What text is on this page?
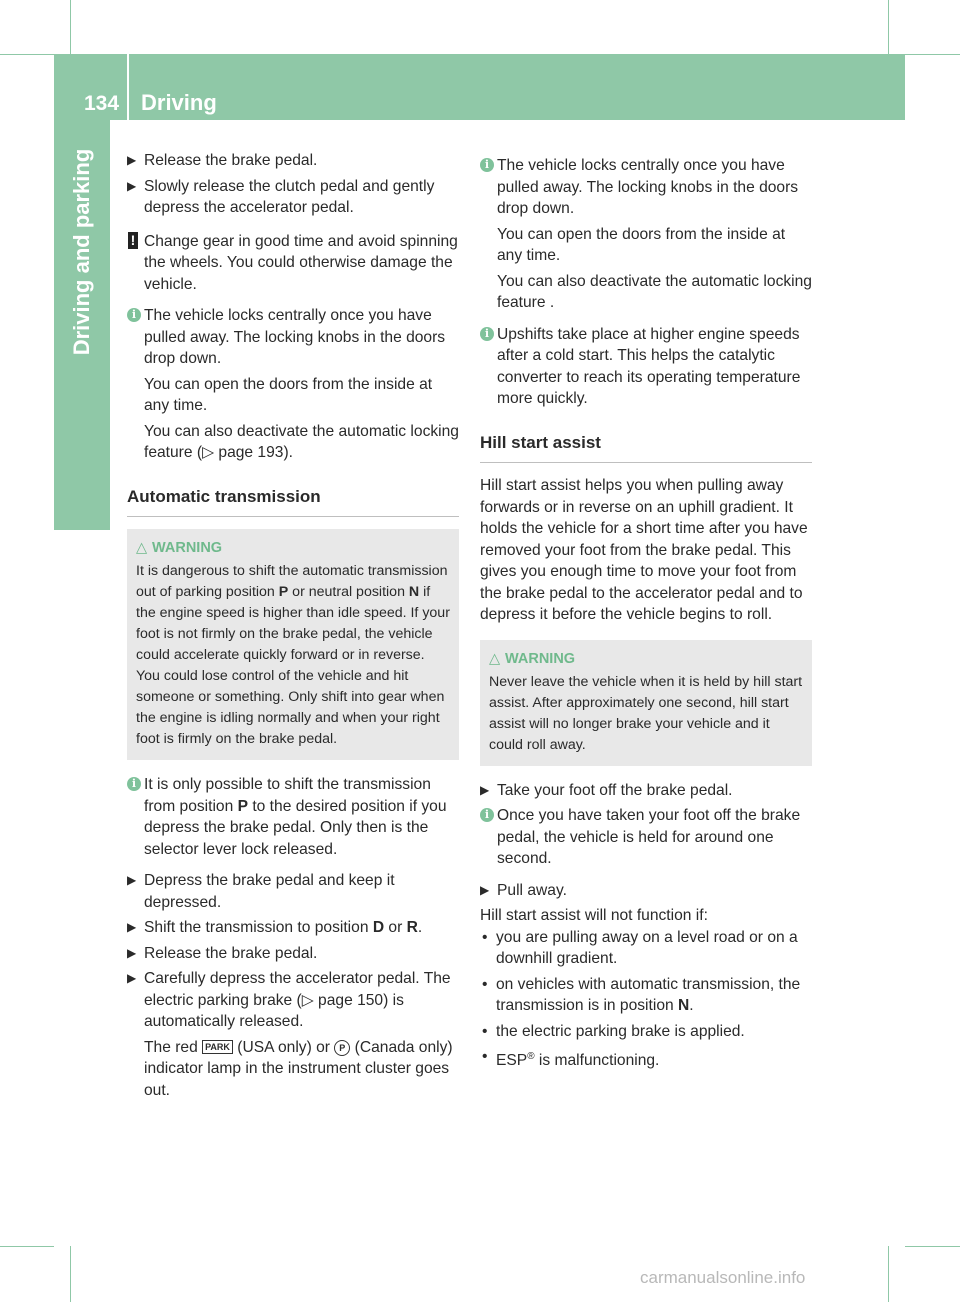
134 Driving
Driving and parking	▶ Release the brake pedal.
▶ Slowly release the clutch pedal and gently depress the accelerator pedal.
! Change gear in good time and avoid spinning the wheels. You could otherwise damage the vehicle.

i The vehicle locks centrally once you have pulled away. The locking knobs in the doors drop down.

You can open the doors from the inside at any time.

You can also deactivate the automatic locking feature (▷ page 193).

Automatic transmission
△ WARNING
It is dangerous to shift the automatic transmission out of parking position P or neutral position N if the engine speed is higher than idle speed. If your foot is not firmly on the brake pedal, the vehicle could accelerate quickly forward or in reverse. You could lose control of the vehicle and hit someone or something. Only shift into gear when the engine is idling normally and when your right foot is firmly on the brake pedal.
i It is only possible to shift the transmission from position P to the desired position if you depress the brake pedal. Only then is the selector lever lock released.

▶ Depress the brake pedal and keep it depressed.
▶ Shift the transmission to position D or R.
▶ Release the brake pedal.
▶ Carefully depress the accelerator pedal. The electric parking brake (▷ page 150) is automatically released.

The red PARK (USA only) or P (Canada only) indicator lamp in the instrument cluster goes out.

i The vehicle locks centrally once you have pulled away. The locking knobs in the doors drop down.

You can open the doors from the inside at any time.

You can also deactivate the automatic locking feature .

i Upshifts take place at higher engine speeds after a cold start. This helps the catalytic converter to reach its operating temperature more quickly.

Hill start assist

Hill start assist helps you when pulling away forwards or in reverse on an uphill gradient. It holds the vehicle for a short time after you have removed your foot from the brake pedal. This gives you enough time to move your foot from the brake pedal to the accelerator pedal and to depress it before the vehicle begins to roll.

△ WARNING
Never leave the vehicle when it is held by hill start assist. After approximately one second, hill start assist will no longer brake your vehicle and it could roll away.
▶ Take your foot off the brake pedal.
i Once you have taken your foot off the brake pedal, the vehicle is held for around one second.

▶ Pull away.

Hill start assist will not function if:

• you are pulling away on a level road or on a downhill gradient.
• on vehicles with automatic transmission, the transmission is in position N.
• the electric parking brake is applied.
• ESP® is malfunctioning.
carmanualsonline.info
